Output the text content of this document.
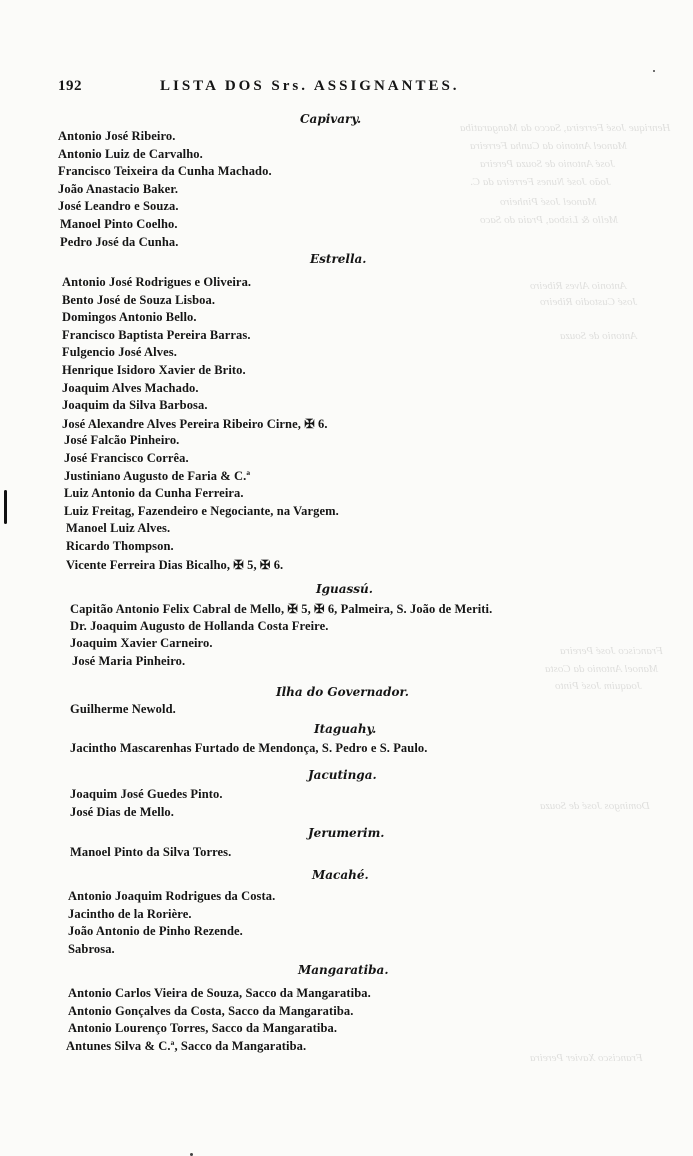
Henrique José Ferreira, Sacco da Mangaratiba
Manoel Antonio da Cunha Ferreira
José Antonio de Souza Pereira
João José Nunes Ferreira da C.
Manoel José Pinheiro
Mello & Lisboa, Praia do Saco
Antonio Alves Ribeiro
José Custodio Ribeiro
Antonio de Souza
Francisco José Pereira
Manoel Antonio da Costa
Joaquim José Pinto
Domingos José de Souza
Francisco Xavier Pereira
192	LISTA DOS Srs. ASSIGNANTES.
Capivary.
Antonio José Ribeiro.
Antonio Luiz de Carvalho.
Francisco Teixeira da Cunha Machado.
João Anastacio Baker.
José Leandro e Souza.
Manoel Pinto Coelho.
Pedro José da Cunha.
Estrella.
Antonio José Rodrigues e Oliveira.
Bento José de Souza Lisboa.
Domingos Antonio Bello.
Francisco Baptista Pereira Barras.
Fulgencio José Alves.
Henrique Isidoro Xavier de Brito.
Joaquim Alves Machado.
Joaquim da Silva Barbosa.
José Alexandre Alves Pereira Ribeiro Cirne, ✠ 6.
José Falcão Pinheiro.
José Francisco Corrêa.
Justiniano Augusto de Faria & C.ª
Luiz Antonio da Cunha Ferreira.
Luiz Freitag, Fazendeiro e Negociante, na Vargem.
Manoel Luiz Alves.
Ricardo Thompson.
Vicente Ferreira Dias Bicalho, ✠ 5, ✠ 6.
Iguassú.
Capitão Antonio Felix Cabral de Mello, ✠ 5, ✠ 6, Palmeira, S. João de Meriti.
Dr. Joaquim Augusto de Hollanda Costa Freire.
Joaquim Xavier Carneiro.
José Maria Pinheiro.
Ilha do Governador.
Guilherme Newold.
Itaguahy.
Jacintho Mascarenhas Furtado de Mendonça, S. Pedro e S. Paulo.
Jacutinga.
Joaquim José Guedes Pinto.
José Dias de Mello.
Jerumerim.
Manoel Pinto da Silva Torres.
Macahé.
Antonio Joaquim Rodrigues da Costa.
Jacintho de la Rorière.
João Antonio de Pinho Rezende.
Sabrosa.
Mangaratiba.
Antonio Carlos Vieira de Souza, Sacco da Mangaratiba.
Antonio Gonçalves da Costa, Sacco da Mangaratiba.
Antonio Lourenço Torres, Sacco da Mangaratiba.
Antunes Silva & C.ª, Sacco da Mangaratiba.
